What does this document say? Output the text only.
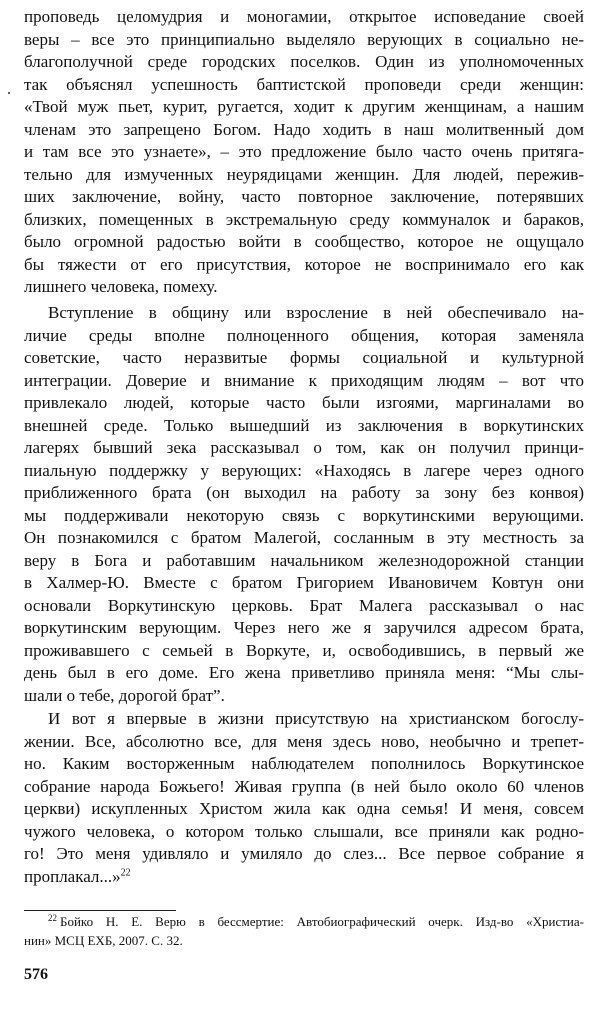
проповедь целомудрия и моногамии, открытое исповедание своей
веры – все это принципиально выделяло верующих в социально не-
благополучной среде городских поселков. Один из уполномоченных
так объяснял успешность баптистской проповеди среди женщин:
«Твой муж пьет, курит, ругается, ходит к другим женщинам, а нашим
членам это запрещено Богом. Надо ходить в наш молитвенный дом
и там все это узнаете», – это предложение было часто очень притяга-
тельно для измученных неурядицами женщин. Для людей, пережив-
ших заключение, войну, часто повторное заключение, потерявших
близких, помещенных в экстремальную среду коммуналок и бараков,
было огромной радостью войти в сообщество, которое не ощущало
бы тяжести от его присутствия, которое не воспринимало его как
лишнего человека, помеху.
Вступление в общину или взросление в ней обеспечивало на-
личие среды вполне полноценного общения, которая заменяла
советские, часто неразвитые формы социальной и культурной
интеграции. Доверие и внимание к приходящим людям – вот что
привлекало людей, которые часто были изгоями, маргиналами во
внешней среде. Только вышедший из заключения в воркутинских
лагерях бывший зека рассказывал о том, как он получил принци-
пиальную поддержку у верующих: «Находясь в лагере через одного
приближенного брата (он выходил на работу за зону без конвоя)
мы поддерживали некоторую связь с воркутинскими верующими.
Он познакомился с братом Малегой, сосланным в эту местность за
веру в Бога и работавшим начальником железнодорожной станции
в Халмер-Ю. Вместе с братом Григорием Ивановичем Ковтун они
основали Воркутинскую церковь. Брат Малега рассказывал о нас
воркутинским верующим. Через него же я заручился адресом брата,
проживавшего с семьей в Воркуте, и, освободившись, в первый же
день был в его доме. Его жена приветливо приняла меня: “Мы слы-
шали о тебе, дорогой брат”.
И вот я впервые в жизни присутствую на христианском богослу-
жении. Все, абсолютно все, для меня здесь ново, необычно и трепет-
но. Каким восторженным наблюдателем пополнилось Воркутинское
собрание народа Божьего! Живая группа (в ней было около 60 членов
церкви) искупленных Христом жила как одна семья! И меня, совсем
чужого человека, о котором только слышали, все приняли как родно-
го! Это меня удивляло и умиляло до слез... Все первое собрание я
проплакал...»$^{22}$
$^{22}$ Бойко Н. Е. Верю в бессмертие: Автобиографический очерк. Изд-во «Христиа-
нин» МСЦ ЕХБ, 2007. С. 32.
576
